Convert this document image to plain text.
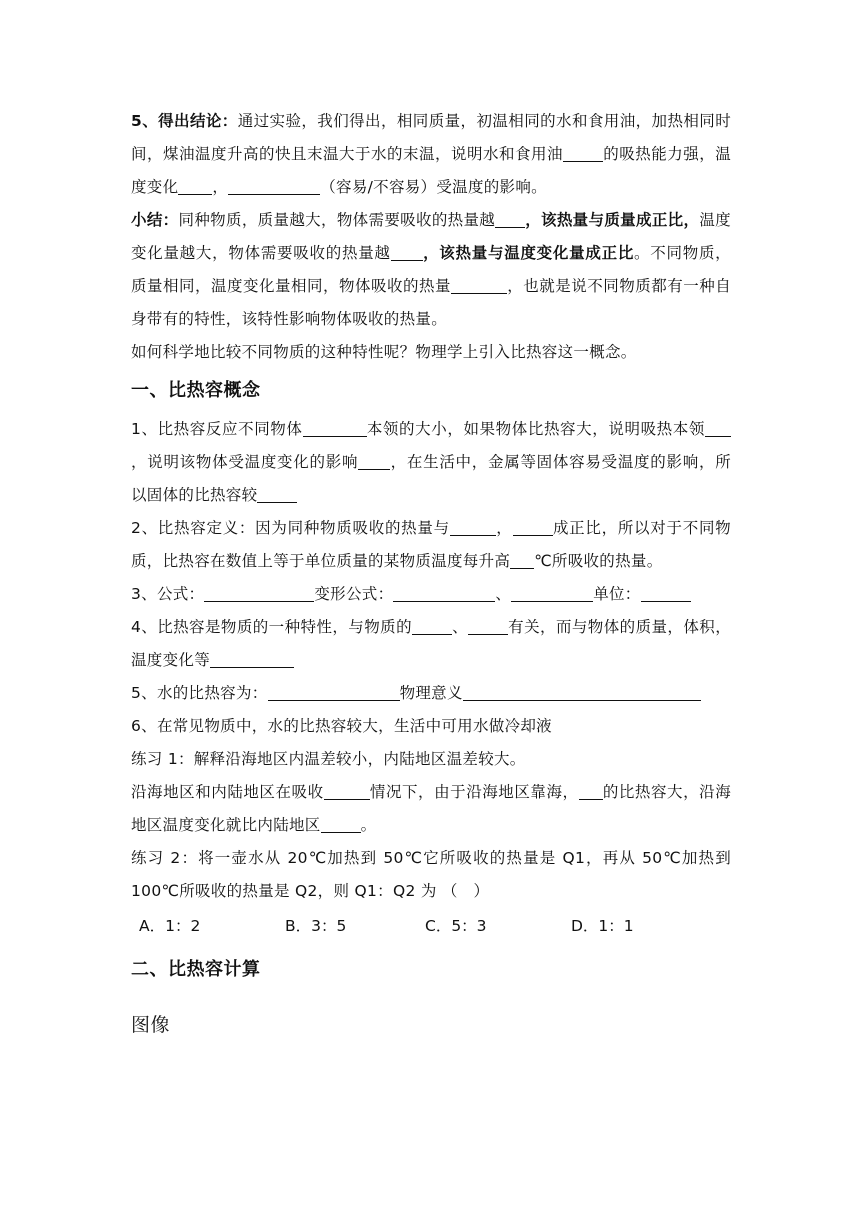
5、得出结论：通过实验，我们得出，相同质量，初温相同的水和食用油，加热相同时间，煤油温度升高的快且末温大于水的末温，说明水和食用油	的吸热能力强，温度变化 ，	（容易/不容易）受温度的影响。

小结：同种物质，质量越大，物体需要吸收的热量越 ，该热量与质量成正比，温度变化量越大，物体需要吸收的热量越 ，该热量与温度变化量成正比。不同物质，质量相同，温度变化量相同，物体吸收的热量	，也就是说不同物质都有一种自身带有的特性，该特性影响物体吸收的热量。

如何科学地比较不同物质的这种特性呢？物理学上引入比热容这一概念。

一、比热容概念

1、比热容反应不同物体	本领的大小，如果物体比热容大，说明吸热本领，说明该物体受温度变化的影响 ，在生活中，金属等固体容易受温度的影响，所以固体的比热容较

2、比热容定义：因为同种物质吸收的热量与	，	成正比，所以对于不同物质，比热容在数值上等于单位质量的某物质温度每升高 ℃所吸收的热量。

3、公式：	变形公式：	、	单位：

4、比热容是物质的一种特性，与物质的	、	有关，而与物体的质量，体积，温度变化等

5、水的比热容为：	物理意义

6、在常见物质中，水的比热容较大，生活中可用水做冷却液

练习 1：解释沿海地区内温差较小，内陆地区温差较大。

沿海地区和内陆地区在吸收	情况下，由于沿海地区靠海， 的比热容大，沿海地区温度变化就比内陆地区	。

练习 2：将一壶水从 20℃加热到 50℃它所吸收的热量是 Q1，再从 50℃加热到 100℃所吸收的热量是 Q2，则 Q1：Q2 为 （　）

A．1：2	B．3：5	C．5：3	D．1：1

二、比热容计算

图像
